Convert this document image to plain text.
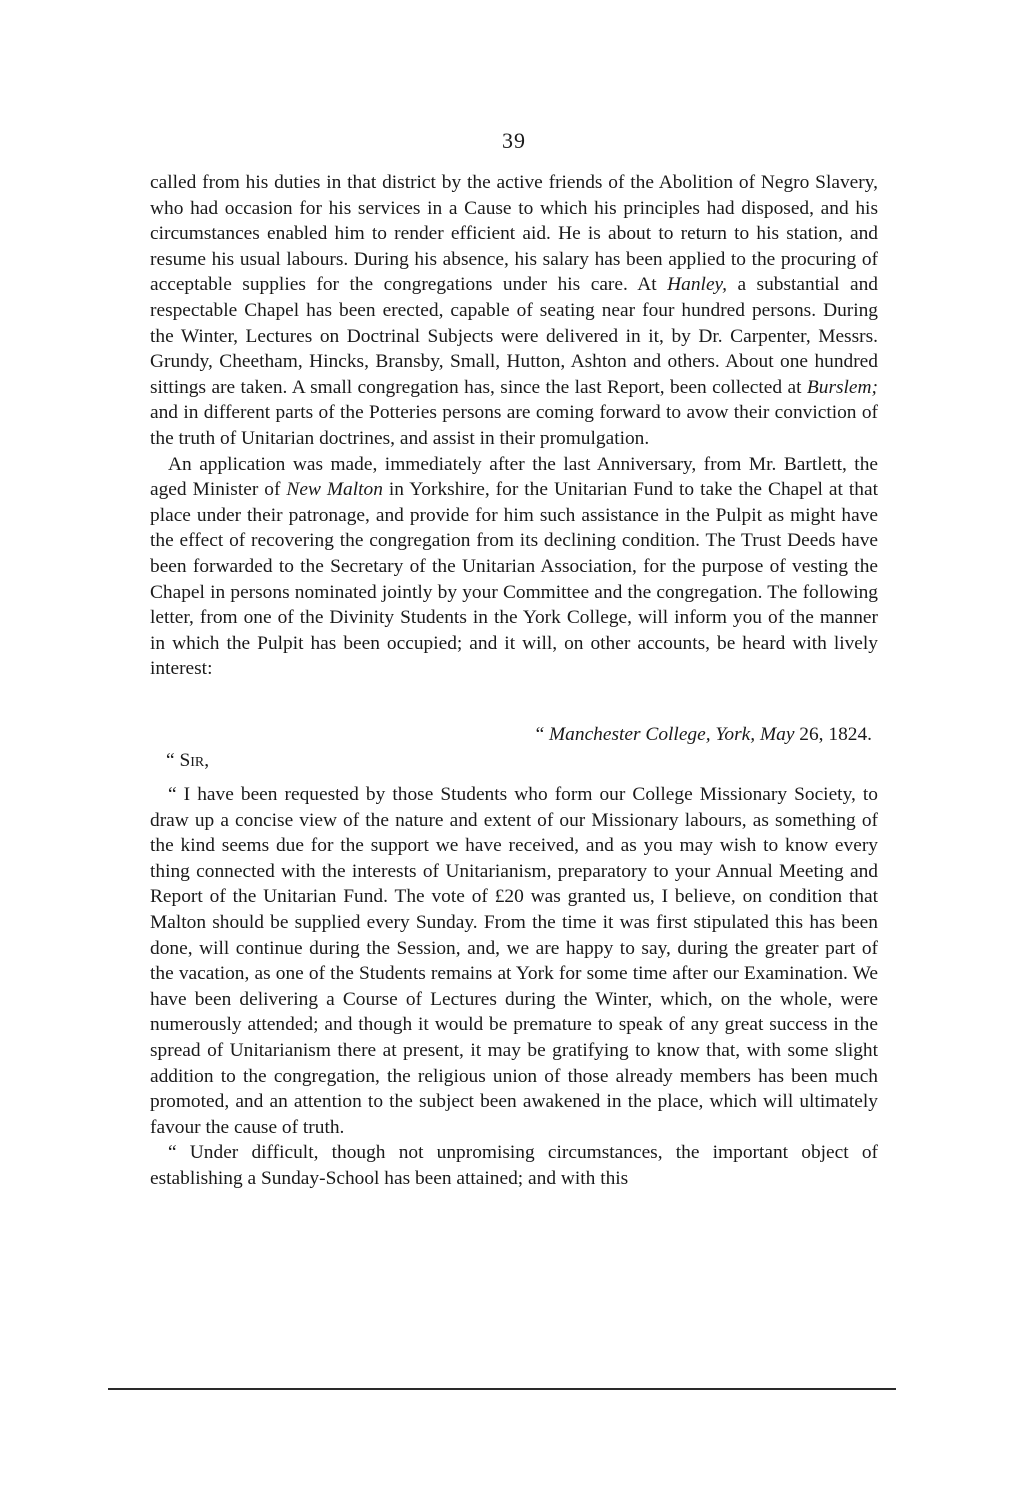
39

called from his duties in that district by the active friends of the Abolition of Negro Slavery, who had occasion for his services in a Cause to which his principles had disposed, and his circumstances enabled him to render efficient aid. He is about to return to his station, and resume his usual labours. During his absence, his salary has been applied to the procuring of acceptable supplies for the congregations under his care. At Hanley, a substantial and respectable Chapel has been erected, capable of seating near four hundred persons. During the Winter, Lectures on Doctrinal Subjects were delivered in it, by Dr. Carpenter, Messrs. Grundy, Cheetham, Hincks, Bransby, Small, Hutton, Ashton and others. About one hundred sittings are taken. A small congregation has, since the last Report, been collected at Burslem; and in different parts of the Potteries persons are coming forward to avow their conviction of the truth of Unitarian doctrines, and assist in their promulgation.

An application was made, immediately after the last Anniversary, from Mr. Bartlett, the aged Minister of New Malton in Yorkshire, for the Unitarian Fund to take the Chapel at that place under their patronage, and provide for him such assistance in the Pulpit as might have the effect of recovering the congregation from its declining condition. The Trust Deeds have been forwarded to the Secretary of the Unitarian Association, for the purpose of vesting the Chapel in persons nominated jointly by your Committee and the congregation. The following letter, from one of the Divinity Students in the York College, will inform you of the manner in which the Pulpit has been occupied; and it will, on other accounts, be heard with lively interest:

“ Manchester College, York, May 26, 1824.

“ Sir,

“ I have been requested by those Students who form our College Missionary Society, to draw up a concise view of the nature and extent of our Missionary labours, as something of the kind seems due for the support we have received, and as you may wish to know every thing connected with the interests of Unitarianism, preparatory to your Annual Meeting and Report of the Unitarian Fund. The vote of £20 was granted us, I believe, on condition that Malton should be supplied every Sunday. From the time it was first stipulated this has been done, will continue during the Session, and, we are happy to say, during the greater part of the vacation, as one of the Students remains at York for some time after our Examination. We have been delivering a Course of Lectures during the Winter, which, on the whole, were numerously attended; and though it would be premature to speak of any great success in the spread of Unitarianism there at present, it may be gratifying to know that, with some slight addition to the congregation, the religious union of those already members has been much promoted, and an attention to the subject been awakened in the place, which will ultimately favour the cause of truth.

“ Under difficult, though not unpromising circumstances, the important object of establishing a Sunday-School has been attained; and with this
